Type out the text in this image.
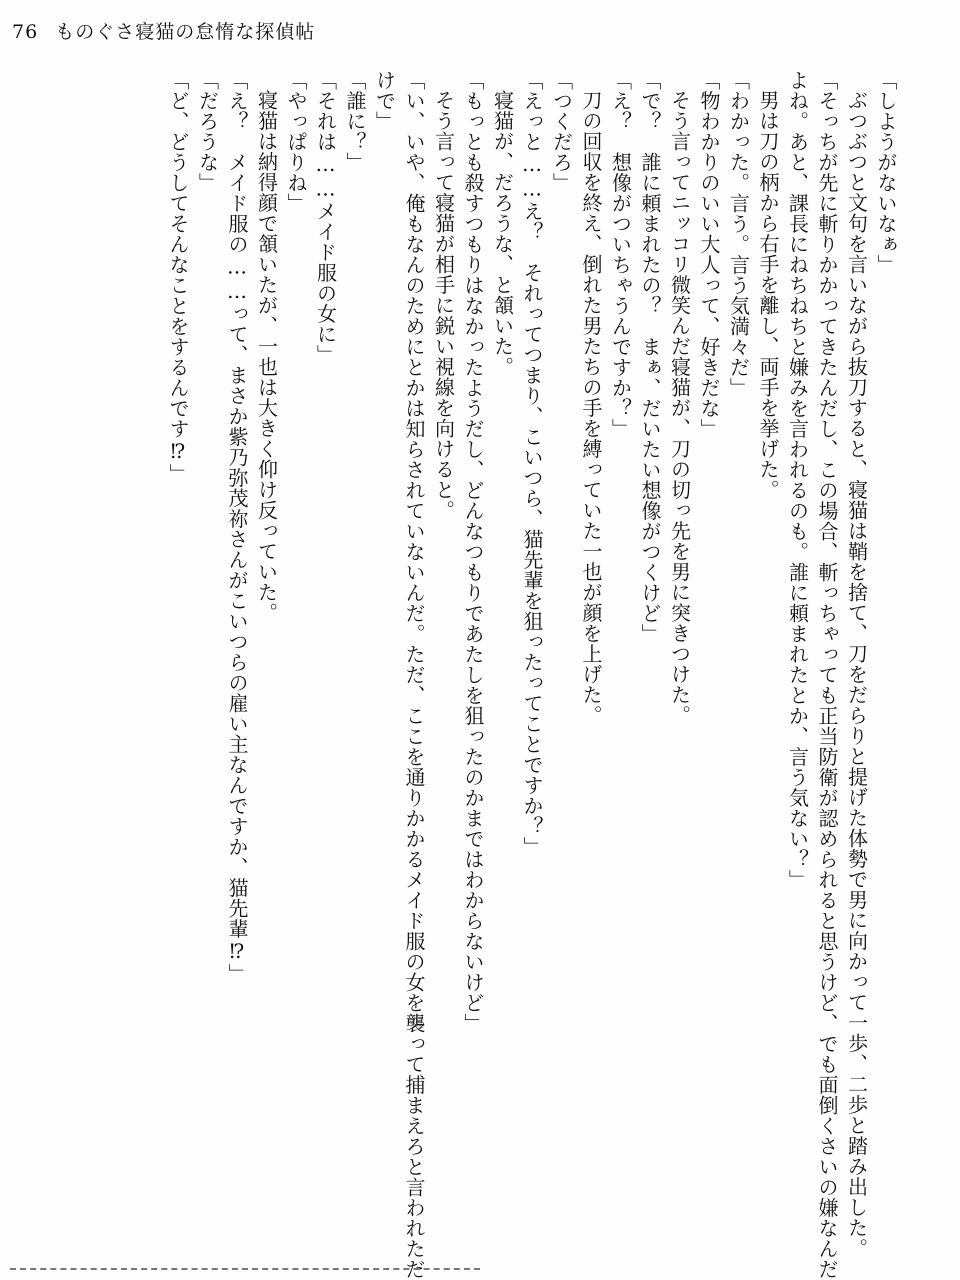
76 ものぐさ寝猫の怠惰な探偵帖

「しようがないなぁ」

ぶつぶつと文句を言いながら抜刀すると、寝猫は鞘を捨て、刀をだらりと提げた体勢で男に向かって一歩、二歩と踏み出した。

「そっちが先に斬りかかってきたんだし、この場合、斬っちゃっても正当防衛が認められると思うけど、でも面倒くさいの嫌なんだ

よね。あと、課長にねちねちと嫌みを言われるのも。誰に頼まれたとか、言う気ない？」

男は刀の柄から右手を離し、両手を挙げた。

「わかった。言う。言う気満々だ」

「物わかりのいい大人って、好きだな」

そう言ってニッコリ微笑んだ寝猫が、刀の切っ先を男に突きつけた。

「で？　誰に頼まれたの？　まぁ、だいたい想像がつくけど」

「え？　想像がついちゃうんですか？」

刀の回収を終え、倒れた男たちの手を縛っていた一也が顔を上げた。

「つくだろ」

「えっと……え？　それってつまり、こいつら、猫先輩を狙ったってことですか？」

寝猫が、だろうな、と頷いた。

「もっとも殺すつもりはなかったようだし、どんなつもりであたしを狙ったのかまではわからないけど」

そう言って寝猫が相手に鋭い視線を向けると。

「い、いや、俺もなんのためにとかは知らされていないんだ。ただ、ここを通りかかるメイド服の女を襲って捕まえろと言われただ

けで」

「誰に？」

「それは……メイド服の女に」

「やっぱりね」

寝猫は納得顔で頷いたが、一也は大きく仰け反っていた。

「え？　メイド服の……って、まさか紫乃弥茂祢さんがこいつらの雇い主なんですか、猫先輩⁉」

「だろうな」

「ど、どうしてそんなことをするんです⁉」
